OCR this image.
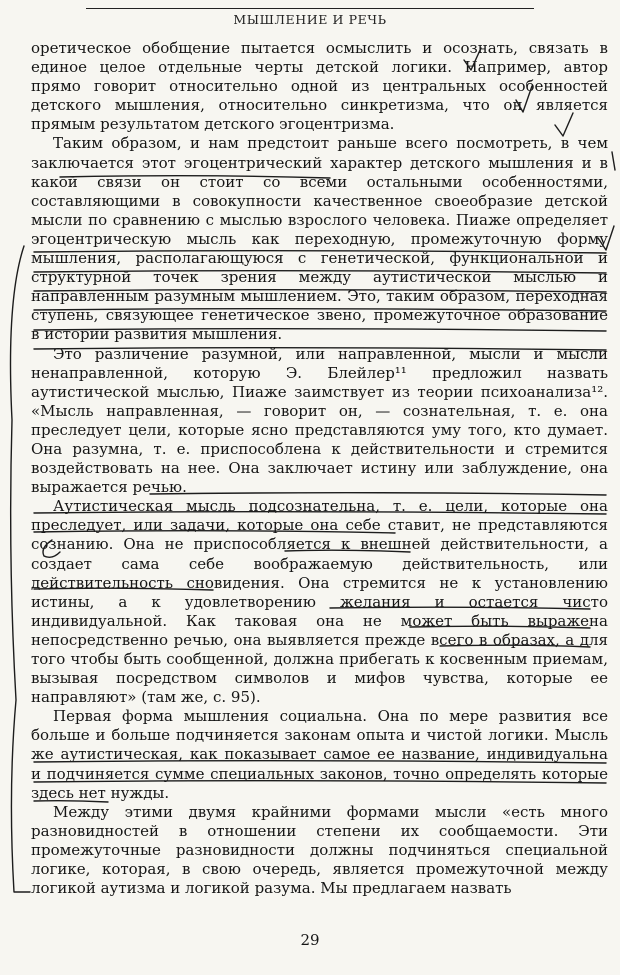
МЫШЛЕНИЕ И РЕЧЬ

оретическое обобщение пытается осмыслить и осознать, связать в единое целое отдельные черты детской логики. Например, автор прямо говорит относительно одной из центральных особенностей детского мышления, относительно синкретизма, что он является прямым результатом детского эгоцентризма.

Таким образом, и нам предстоит раньше всего посмотреть, в чем заключается этот эгоцентрический характер детского мышления и в какой связи он стоит со всеми остальными особенностями, составляющими в совокупности качественное своеобразие детской мысли по сравнению с мыслью взрослого человека. Пиаже определяет эгоцентрическую мысль как переходную, промежуточную форму мышления, располагающуюся с генетической, функциональной и структурной точек зрения между аутистической мыслью и направленным разумным мышлением. Это, таким образом, переходная ступень, связующее генетическое звено, промежуточное образование в истории развития мышления.

Это различение разумной, или направленной, мысли и мысли ненаправленной, которую Э. Блейлер¹¹ предложил назвать аутистической мыслью, Пиаже заимствует из теории психоанализа¹². «Мысль направленная, — говорит он, — сознательная, т. е. она преследует цели, которые ясно представляются уму того, кто думает. Она разумна, т. е. приспособлена к действительности и стремится воздействовать на нее. Она заключает истину или заблуждение, она выражается речью.

Аутистическая мысль подсознательна, т. е. цели, которые она преследует, или задачи, которые она себе ставит, не представляются сознанию. Она не приспособляется к внешней действительности, а создает сама себе воображаемую действительность, или действительность сновидения. Она стремится не к установлению истины, а к удовлетворению желания и остается чисто индивидуальной. Как таковая она не может быть выражена непосредственно речью, она выявляется прежде всего в образах, а для того чтобы быть сообщенной, должна прибегать к косвенным приемам, вызывая посредством символов и мифов чувства, которые ее направляют» (там же, с. 95).

Первая форма мышления социальна. Она по мере развития все больше и больше подчиняется законам опыта и чистой логики. Мысль же аутистическая, как показывает самое ее название, индивидуальна и подчиняется сумме специальных законов, точно определять которые здесь нет нужды.

Между этими двумя крайними формами мысли «есть много разновидностей в отношении степени их сообщаемости. Эти промежуточные разновидности должны подчиняться специальной логике, которая, в свою очередь, является промежуточной между логикой аутизма и логикой разума. Мы предлагаем назвать

29
